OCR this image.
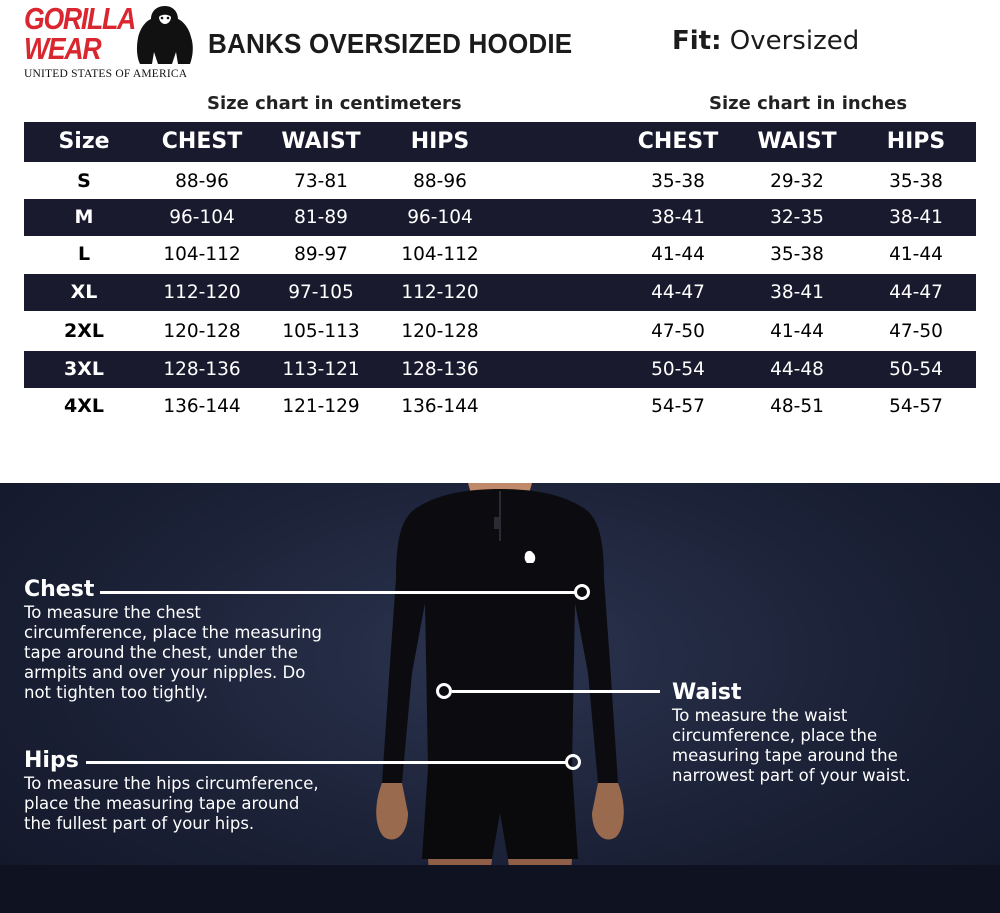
GORILLA
WEAR
UNITED STATES OF AMERICA
BANKS OVERSIZED HOODIE	Fit: Oversized
Size chart in centimeters	Size chart in inches
Size	CHEST	WAIST	HIPS	CHEST	WAIST	HIPS
S	88-96	73-81	88-96	35-38	29-32	35-38
M	96-104	81-89	96-104	38-41	32-35	38-41
L	104-112	89-97	104-112	41-44	35-38	41-44
XL	112-120	97-105	112-120	44-47	38-41	44-47
2XL	120-128	105-113	120-128	47-50	41-44	47-50
3XL	128-136	113-121	128-136	50-54	44-48	50-54
4XL	136-144	121-129	136-144	54-57	48-51	54-57
Chest
To measure the chest circumference, place the measuring tape around the chest, under the armpits and over your nipples. Do not tighten too tightly.	Waist
To measure the waist circumference, place the measuring tape around the narrowest part of your waist.
Hips
To measure the hips circumference, place the measuring tape around the fullest part of your hips.
